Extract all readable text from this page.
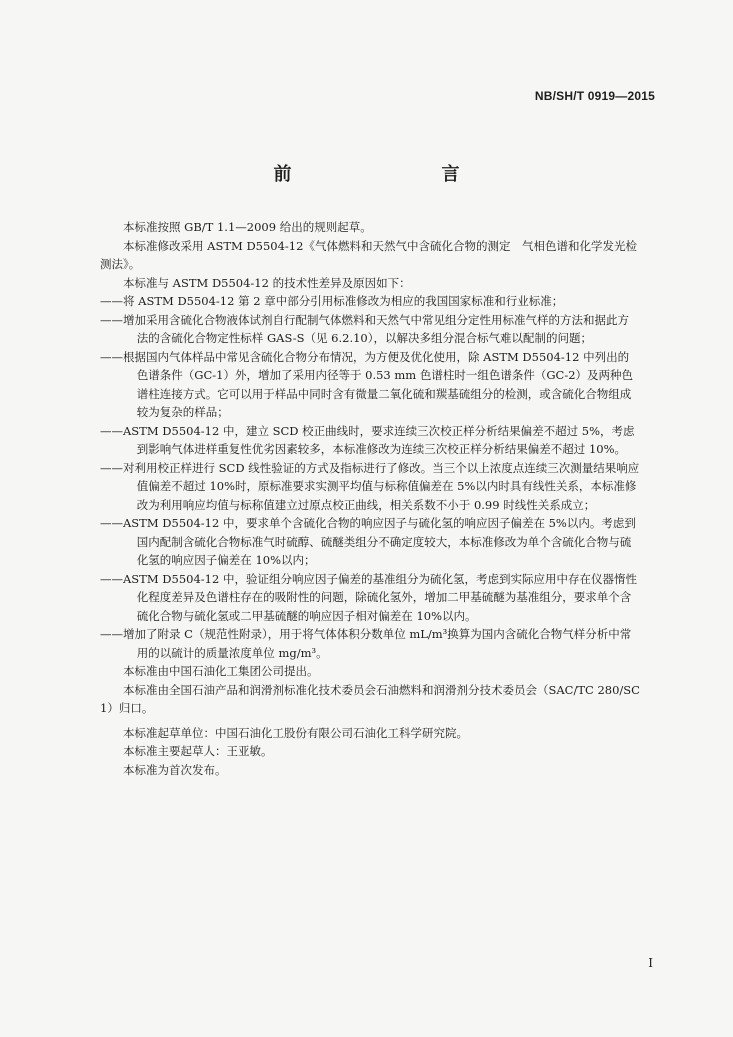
NB/SH/T 0919—2015
前　　言

本标准按照 GB/T 1.1—2009 给出的规则起草。

本标准修改采用 ASTM D5504-12《气体燃料和天然气中含硫化合物的测定　气相色谱和化学发光检测法》。

本标准与 ASTM D5504-12 的技术性差异及原因如下：

——将 ASTM D5504-12 第 2 章中部分引用标准修改为相应的我国国家标准和行业标准；

——增加采用含硫化合物液体试剂自行配制气体燃料和天然气中常见组分定性用标准气样的方法和据此方法的含硫化合物定性标样 GAS-S（见 6.2.10），以解决多组分混合标气难以配制的问题；

——根据国内气体样品中常见含硫化合物分布情况，为方便及优化使用，除 ASTM D5504-12 中列出的色谱条件（GC-1）外，增加了采用内径等于 0.53 mm 色谱柱时一组色谱条件（GC-2）及两种色谱柱连接方式。它可以用于样品中同时含有微量二氧化硫和羰基硫组分的检测，或含硫化合物组成较为复杂的样品；

——ASTM D5504-12 中，建立 SCD 校正曲线时，要求连续三次校正样分析结果偏差不超过 5%，考虑到影响气体进样重复性优劣因素较多，本标准修改为连续三次校正样分析结果偏差不超过 10%。

——对利用校正样进行 SCD 线性验证的方式及指标进行了修改。当三个以上浓度点连续三次测量结果响应值偏差不超过 10%时，原标准要求实测平均值与标称值偏差在 5%以内时具有线性关系，本标准修改为利用响应均值与标称值建立过原点校正曲线，相关系数不小于 0.99 时线性关系成立；

——ASTM D5504-12 中，要求单个含硫化合物的响应因子与硫化氢的响应因子偏差在 5%以内。考虑到国内配制含硫化合物标准气时硫醇、硫醚类组分不确定度较大，本标准修改为单个含硫化合物与硫化氢的响应因子偏差在 10%以内；

——ASTM D5504-12 中，验证组分响应因子偏差的基准组分为硫化氢，考虑到实际应用中存在仪器惰性化程度差异及色谱柱存在的吸附性的问题，除硫化氢外，增加二甲基硫醚为基准组分，要求单个含硫化合物与硫化氢或二甲基硫醚的响应因子相对偏差在 10%以内。

——增加了附录 C（规范性附录），用于将气体体积分数单位 mL/m³换算为国内含硫化合物气样分析中常用的以硫计的质量浓度单位 mg/m³。

本标准由中国石油化工集团公司提出。

本标准由全国石油产品和润滑剂标准化技术委员会石油燃料和润滑剂分技术委员会（SAC/TC 280/SC 1）归口。

本标准起草单位：中国石油化工股份有限公司石油化工科学研究院。

本标准主要起草人：王亚敏。

本标准为首次发布。

I
